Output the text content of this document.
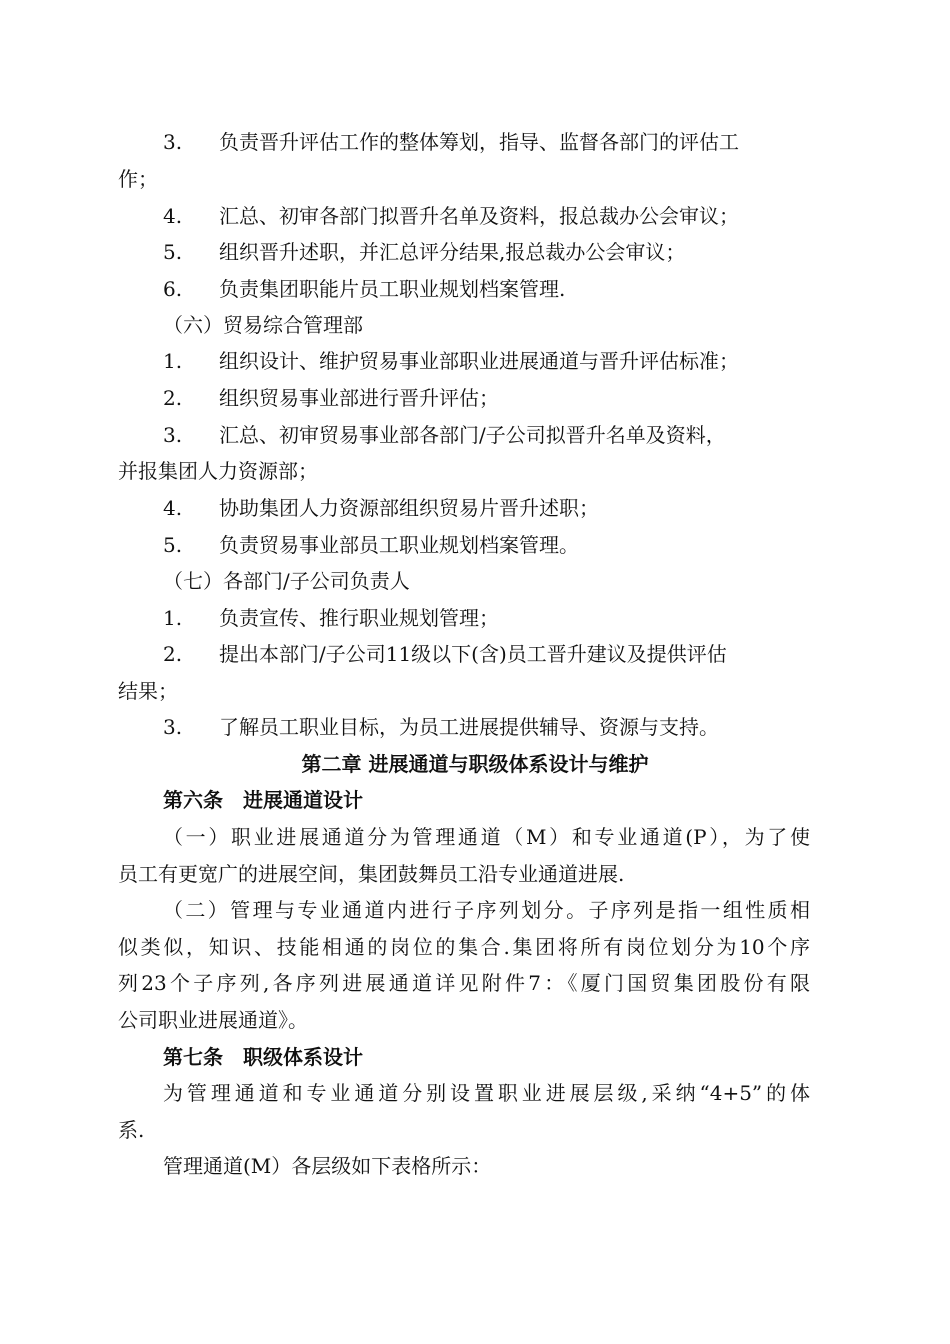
3. 负责晋升评估工作的整体筹划，指导、监督各部门的评估工
作；
4. 汇总、初审各部门拟晋升名单及资料，报总裁办公会审议；
5. 组织晋升述职，并汇总评分结果,报总裁办公会审议；
6. 负责集团职能片员工职业规划档案管理.
（六）贸易综合管理部
1. 组织设计、维护贸易事业部职业进展通道与晋升评估标准；
2. 组织贸易事业部进行晋升评估；
3. 汇总、初审贸易事业部各部门/子公司拟晋升名单及资料，
并报集团人力资源部；
4. 协助集团人力资源部组织贸易片晋升述职；
5. 负责贸易事业部员工职业规划档案管理。
（七）各部门/子公司负责人
1. 负责宣传、推行职业规划管理；
2. 提出本部门/子公司11级以下(含)员工晋升建议及提供评估
结果；
3. 了解员工职业目标，为员工进展提供辅导、资源与支持。
第二章 进展通道与职级体系设计与维护
第六条　进展通道设计
（一）职业进展通道分为管理通道（M）和专业通道(P），为了使
员工有更宽广的进展空间，集团鼓舞员工沿专业通道进展.
（二）管理与专业通道内进行子序列划分。子序列是指一组性质相
似类似，知识、技能相通的岗位的集合.集团将所有岗位划分为10个序
列23个子序列,各序列进展通道详见附件7：《厦门国贸集团股份有限
公司职业进展通道》。
第七条　职级体系设计
为管理通道和专业通道分别设置职业进展层级,采纳“4+5”的体
系.
管理通道(M）各层级如下表格所示：
